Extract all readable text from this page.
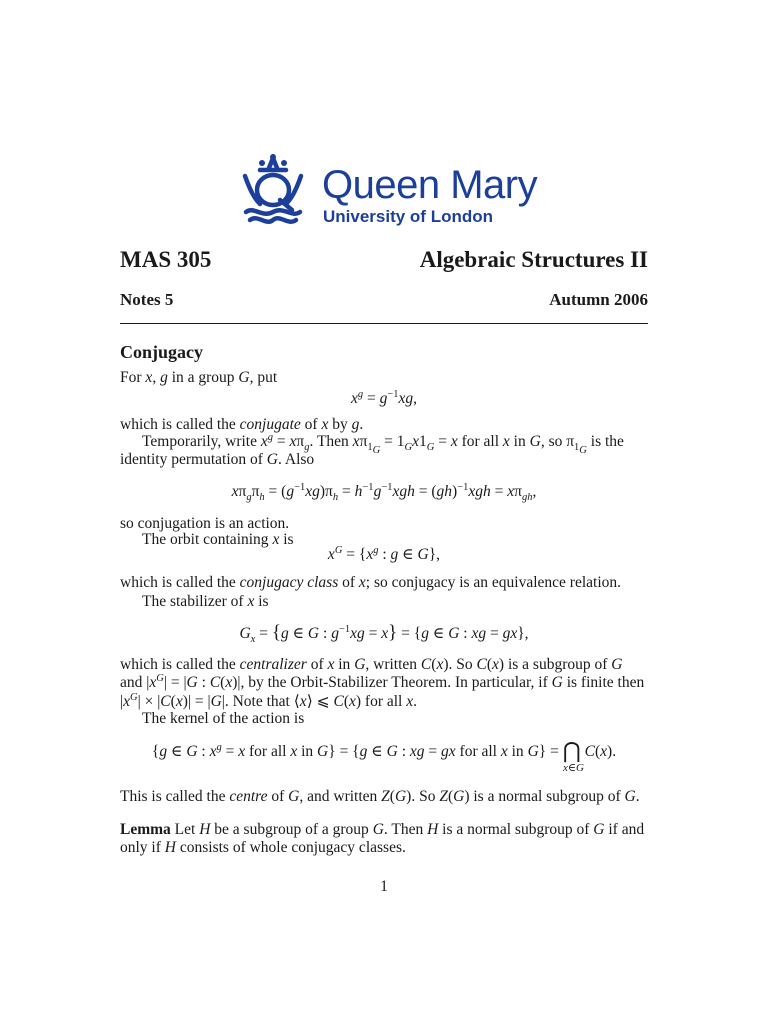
Queen Mary
University of London
MAS 305	Algebraic Structures II
Notes 5	Autumn 2006
Conjugacy
For x, g in a group G, put
$x^g = g^{-1}xg$,
which is called the conjugate of x by g.
Temporarily, write $x^g = x\pi_g$. Then $x\pi_{1_G} = 1_Gx1_G = x$ for all x in G, so $\pi_{1_G}$ is the
identity permutation of G. Also
$x\pi_g\pi_h = (g^{-1}xg)\pi_h = h^{-1}g^{-1}xgh = (gh)^{-1}xgh = x\pi_{gh}$,
so conjugation is an action.
The orbit containing x is
$x^G = \{x^g$ : g ∈ G},
which is called the conjugacy class of x; so conjugacy is an equivalence relation.
The stabilizer of x is
$G_x = \{g$ ∈ G : $g^{-1}xg = x\} = \{g$ ∈ G : xg = gx},
which is called the centralizer of x in G, written C(x). So C(x) is a subgroup of G
and $|x^G| = |G$ : C(x)|, by the Orbit-Stabilizer Theorem. In particular, if G is finite then
$|x^G| \times |C(x)| = |G|$. Note that ⟨x⟩ ⩽ C(x) for all x.
The kernel of the action is
{g ∈ G : $x^g = x$ for all x in G} = {g ∈ G : xg = gx for all x in G} = ⋂ C(x).
x∈G
This is called the centre of G, and written Z(G). So Z(G) is a normal subgroup of G.
Lemma Let H be a subgroup of a group G. Then H is a normal subgroup of G if and
only if H consists of whole conjugacy classes.
1
